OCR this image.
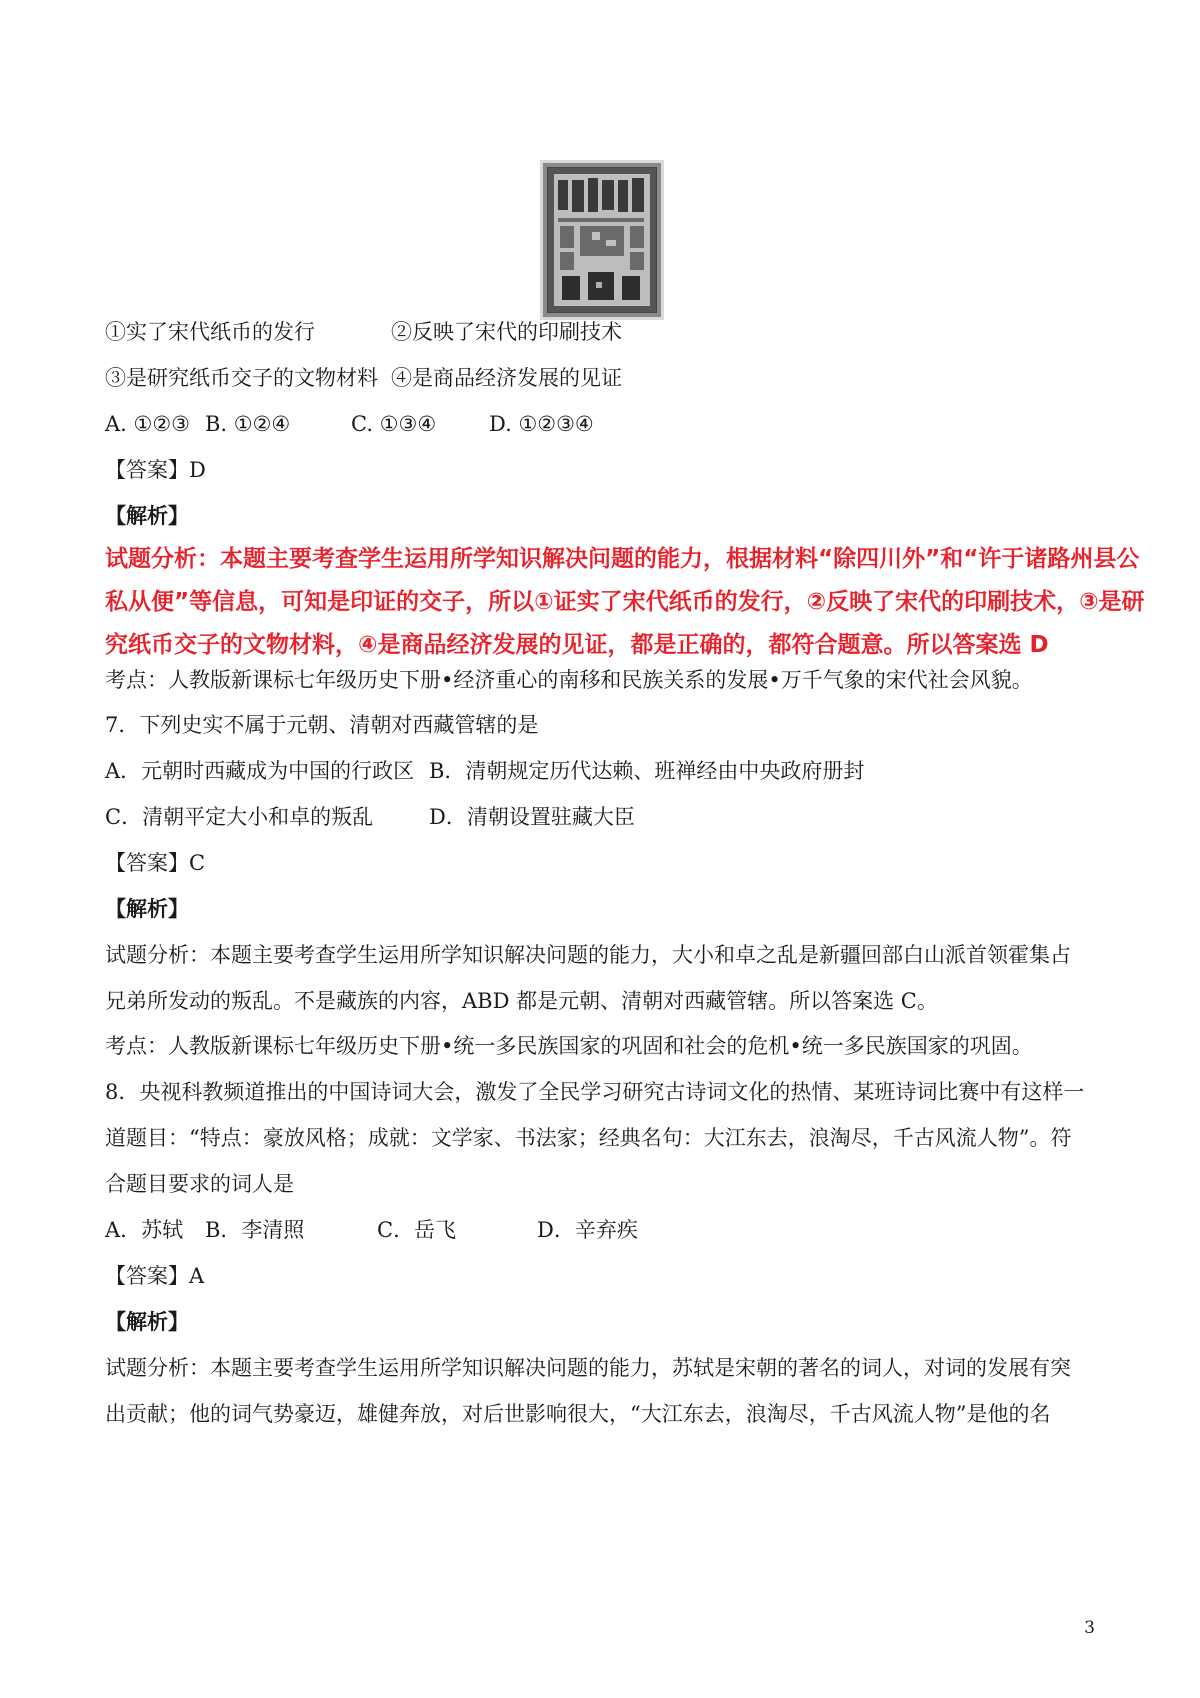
①实了宋代纸币的发行	②反映了宋代的印刷技术
③是研究纸币交子的文物材料 ④是商品经济发展的见证
A. ①②③ B. ①②④	C. ①③④	D. ①②③④
【答案】D
【解析】
试题分析：本题主要考查学生运用所学知识解决问题的能力，根据材料“除四川外”和“许于诸路州县公
私从便”等信息，可知是印证的交子，所以①证实了宋代纸币的发行，②反映了宋代的印刷技术，③是研
究纸币交子的文物材料，④是商品经济发展的见证，都是正确的，都符合题意。所以答案选 D
考点：人教版新课标七年级历史下册•经济重心的南移和民族关系的发展•万千气象的宋代社会风貌。
7．下列史实不属于元朝、清朝对西藏管辖的是
A．元朝时西藏成为中国的行政区 B．清朝规定历代达赖、班禅经由中央政府册封
C．清朝平定大小和卓的叛乱	D．清朝设置驻藏大臣
【答案】C
【解析】
试题分析：本题主要考查学生运用所学知识解决问题的能力，大小和卓之乱是新疆回部白山派首领霍集占
兄弟所发动的叛乱。不是藏族的内容，ABD 都是元朝、清朝对西藏管辖。所以答案选 C。
考点：人教版新课标七年级历史下册•统一多民族国家的巩固和社会的危机•统一多民族国家的巩固。
8．央视科教频道推出的中国诗词大会，激发了全民学习研究古诗词文化的热情、某班诗词比赛中有这样一
道题目：“特点：豪放风格；成就：文学家、书法家；经典名句：大江东去，浪淘尽，千古风流人物”。符
合题目要求的词人是
A．苏轼 B．李清照	C．岳飞	D．辛弃疾
【答案】A
【解析】
试题分析：本题主要考查学生运用所学知识解决问题的能力，苏轼是宋朝的著名的词人，对词的发展有突
出贡献；他的词气势豪迈，雄健奔放，对后世影响很大，“大江东去，浪淘尽，千古风流人物”是他的名
3
